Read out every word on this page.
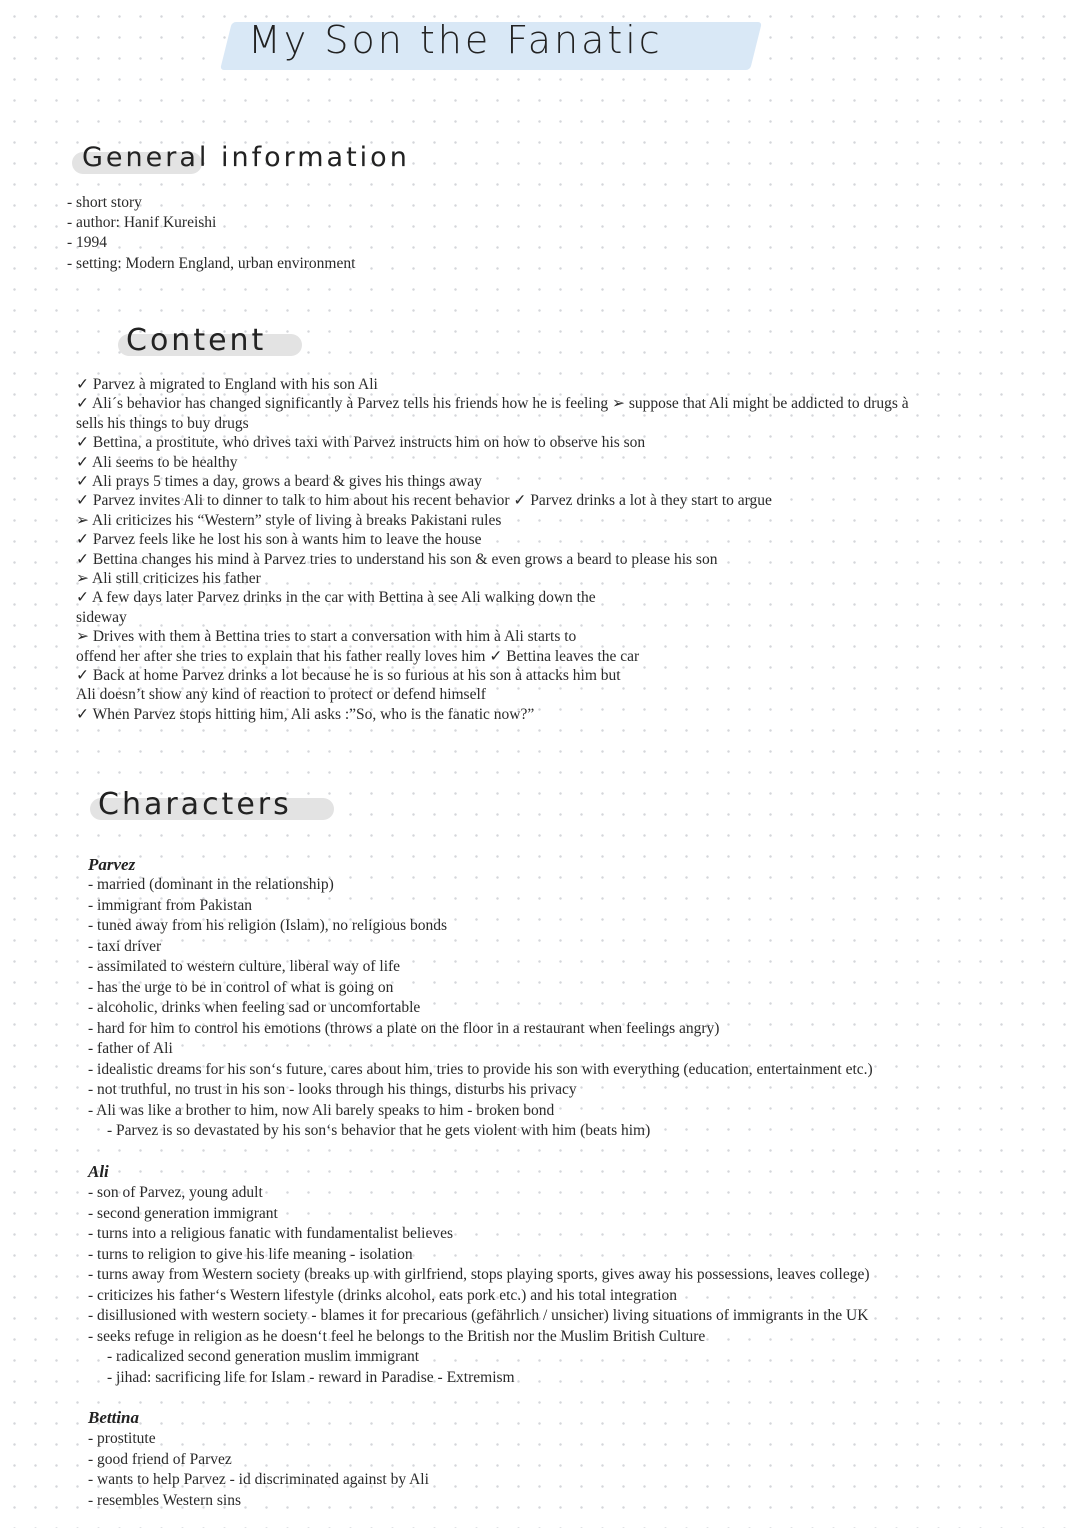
My Son the Fanatic
General information
- short story
- author: Hanif Kureishi
- 1994
- setting: Modern England, urban environment
Content
✓ Parvez à migrated to England with his son Ali
✓ Ali´s behavior has changed significantly à Parvez tells his friends how he is feeling ➢ suppose that Ali might be addicted to drugs à
sells his things to buy drugs
✓ Bettina, a prostitute, who drives taxi with Parvez instructs him on how to observe his son
✓ Ali seems to be healthy
✓ Ali prays 5 times a day, grows a beard & gives his things away
✓ Parvez invites Ali to dinner to talk to him about his recent behavior ✓ Parvez drinks a lot à they start to argue
➢ Ali criticizes his “Western” style of living à breaks Pakistani rules
✓ Parvez feels like he lost his son à wants him to leave the house
✓ Bettina changes his mind à Parvez tries to understand his son & even grows a beard to please his son
➢ Ali still criticizes his father
✓ A few days later Parvez drinks in the car with Bettina à see Ali walking down the
sideway
➢ Drives with them à Bettina tries to start a conversation with him à Ali starts to
offend her after she tries to explain that his father really loves him ✓ Bettina leaves the car
✓ Back at home Parvez drinks a lot because he is so furious at his son à attacks him but
Ali doesn’t show any kind of reaction to protect or defend himself
✓ When Parvez stops hitting him, Ali asks :”So, who is the fanatic now?”
Characters
Parvez
- married (dominant in the relationship)
- immigrant from Pakistan
- tuned away from his religion (Islam), no religious bonds
- taxi driver
- assimilated to western culture, liberal way of life
- has the urge to be in control of what is going on
- alcoholic, drinks when feeling sad or uncomfortable
- hard for him to control his emotions (throws a plate on the floor in a restaurant when feelings angry)
- father of Ali
- idealistic dreams for his son‘s future, cares about him, tries to provide his son with everything (education, entertainment etc.)
- not truthful, no trust in his son - looks through his things, disturbs his privacy
- Ali was like a brother to him, now Ali barely speaks to him - broken bond
- Parvez is so devastated by his son‘s behavior that he gets violent with him (beats him)
Ali
- son of Parvez, young adult
- second generation immigrant
- turns into a religious fanatic with fundamentalist believes
- turns to religion to give his life meaning - isolation
- turns away from Western society (breaks up with girlfriend, stops playing sports, gives away his possessions, leaves college)
- criticizes his father‘s Western lifestyle (drinks alcohol, eats pork etc.) and his total integration
- disillusioned with western society - blames it for precarious (gefährlich / unsicher) living situations of immigrants in the UK
- seeks refuge in religion as he doesn‘t feel he belongs to the British nor the Muslim British Culture
- radicalized second generation muslim immigrant
- jihad: sacrificing life for Islam - reward in Paradise - Extremism
Bettina
- prostitute
- good friend of Parvez
- wants to help Parvez - id discriminated against by Ali
- resembles Western sins
